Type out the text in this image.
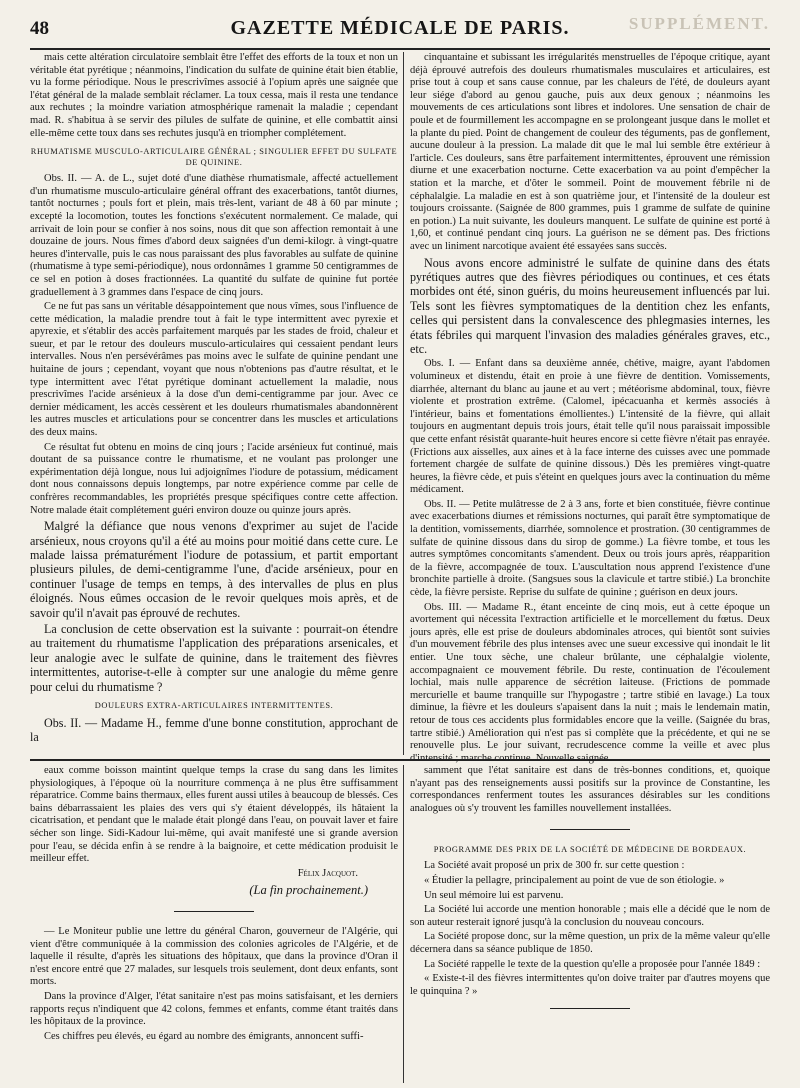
48	GAZETTE MÉDICALE DE PARIS.	SUPPLÉMENT.

mais cette altération circulatoire semblait être l'effet des efforts de la toux et non un véritable état pyrétique ; néanmoins, l'indication du sulfate de quinine était bien établie, vu la forme périodique. Nous le prescrivîmes associé à l'opium après une saignée que l'état général de la malade semblait réclamer. La toux cessa, mais il resta une tendance aux rechutes ; la moindre variation atmosphérique ramenait la maladie ; cependant mad. R. s'habitua à se servir des pilules de sulfate de quinine, et elle combattit ainsi elle-même cette toux dans ses rechutes jusqu'à en triompher complétement.

RHUMATISME MUSCULO-ARTICULAIRE GÉNÉRAL ; SINGULIER EFFET DU SULFATE DE QUININE.

Obs. II. — A. de L., sujet doté d'une diathèse rhumatismale, affecté actuellement d'un rhumatisme musculo-articulaire général offrant des exacerbations, tantôt diurnes, tantôt nocturnes ; pouls fort et plein, mais très-lent, variant de 48 à 60 par minute ; excepté la locomotion, toutes les fonctions s'exécutent normalement. Ce malade, qui arrivait de loin pour se confier à nos soins, nous dit que son affection remontait à une douzaine de jours. Nous fîmes d'abord deux saignées d'un demi-kilogr. à vingt-quatre heures d'intervalle, puis le cas nous paraissant des plus favorables au sulfate de quinine (rhumatisme à type semi-périodique), nous ordonnâmes 1 gramme 50 centigrammes de ce sel en potion à doses fractionnées. La quantité du sulfate de quinine fut portée graduellement à 3 grammes dans l'espace de cinq jours.

Ce ne fut pas sans un véritable désappointement que nous vîmes, sous l'influence de cette médication, la maladie prendre tout à fait le type intermittent avec pyrexie et apyrexie, et s'établir des accès parfaitement marqués par les stades de froid, chaleur et sueur, et par le retour des douleurs musculo-articulaires qui cessaient pendant leurs intervalles. Nous n'en persévérâmes pas moins avec le sulfate de quinine pendant une huitaine de jours ; cependant, voyant que nous n'obtenions pas d'autre résultat, et le type intermittent avec l'état pyrétique dominant actuellement la maladie, nous prescrivîmes l'acide arsénieux à la dose d'un demi-centigramme par jour. Avec ce dernier médicament, les accès cessèrent et les douleurs rhumatismales abandonnèrent les autres muscles et articulations pour se concentrer dans les muscles et articulations des deux mains.

Ce résultat fut obtenu en moins de cinq jours ; l'acide arsénieux fut continué, mais doutant de sa puissance contre le rhumatisme, et ne voulant pas prolonger une expérimentation déjà longue, nous lui adjoignîmes l'iodure de potassium, médicament dont nous connaissons depuis longtemps, par notre expérience comme par celle de confrères recommandables, les propriétés presque spécifiques contre cette affection. Notre malade était complétement guéri environ douze ou quinze jours après.

Malgré la défiance que nous venons d'exprimer au sujet de l'acide arsénieux, nous croyons qu'il a été au moins pour moitié dans cette cure. Le malade laissa prématurément l'iodure de potassium, et partit emportant plusieurs pilules, de demi-centigramme l'une, d'acide arsénieux, pour en continuer l'usage de temps en temps, à des intervalles de plus en plus éloignés. Nous eûmes occasion de le revoir quelques mois après, et de savoir qu'il n'avait pas éprouvé de rechutes.

La conclusion de cette observation est la suivante : pourrait-on étendre au traitement du rhumatisme l'application des préparations arsenicales, et leur analogie avec le sulfate de quinine, dans le traitement des fièvres intermittentes, autorise-t-elle à compter sur une analogie du même genre pour celui du rhumatisme ?

DOULEURS EXTRA-ARTICULAIRES INTERMITTENTES.

Obs. II. — Madame H., femme d'une bonne constitution, approchant de la

cinquantaine et subissant les irrégularités menstruelles de l'époque critique, ayant déjà éprouvé autrefois des douleurs rhumatismales musculaires et articulaires, est prise tout à coup et sans cause connue, par les chaleurs de l'été, de douleurs ayant leur siége d'abord au genou gauche, puis aux deux genoux ; néanmoins les mouvements de ces articulations sont libres et indolores. Une sensation de chair de poule et de fourmillement les accompagne en se prolongeant jusque dans le mollet et la plante du pied. Point de changement de couleur des téguments, pas de gonflement, aucune douleur à la pression. La malade dit que le mal lui semble être extérieur à l'article. Ces douleurs, sans être parfaitement intermittentes, éprouvent une rémission diurne et une exacerbation nocturne. Cette exacerbation va au point d'empêcher la station et la marche, et d'ôter le sommeil. Point de mouvement fébrile ni de céphalalgie. La maladie en est à son quatrième jour, et l'intensité de la douleur est toujours croissante. (Saignée de 800 grammes, puis 1 gramme de sulfate de quinine en potion.) La nuit suivante, les douleurs manquent. Le sulfate de quinine est porté à 1,60, et continué pendant cinq jours. La guérison ne se dément pas. Des frictions avec un liniment narcotique avaient été essayées sans succès.

Nous avons encore administré le sulfate de quinine dans des états pyrétiques autres que des fièvres périodiques ou continues, et ces états morbides ont été, sinon guéris, du moins heureusement influencés par lui. Tels sont les fièvres symptomatiques de la dentition chez les enfants, celles qui persistent dans la convalescence des phlegmasies internes, les états fébriles qui marquent l'invasion des maladies générales graves, etc., etc.

Obs. I. — Enfant dans sa deuxième année, chétive, maigre, ayant l'abdomen volumineux et distendu, était en proie à une fièvre de dentition. Vomissements, diarrhée, alternant du blanc au jaune et au vert ; météorisme abdominal, toux, fièvre violente et prostration extrême. (Calomel, ipécacuanha et kermès associés à l'intérieur, bains et fomentations émollientes.) L'intensité de la fièvre, qui allait toujours en augmentant depuis trois jours, était telle qu'il nous paraissait impossible que cette enfant résistât quarante-huit heures encore si cette fièvre n'était pas enrayée. (Frictions aux aisselles, aux aines et à la face interne des cuisses avec une pommade fortement chargée de sulfate de quinine dissous.) Dès les premières vingt-quatre heures, la fièvre cède, et puis s'éteint en quelques jours avec la continuation du même médicament.

Obs. II. — Petite mulâtresse de 2 à 3 ans, forte et bien constituée, fièvre continue avec exacerbations diurnes et rémissions nocturnes, qui paraît être symptomatique de la dentition, vomissements, diarrhée, somnolence et prostration. (30 centigrammes de sulfate de quinine dissous dans du sirop de gomme.) La fièvre tombe, et tous les autres symptômes concomitants s'amendent. Deux ou trois jours après, réapparition de la fièvre, accompagnée de toux. L'auscultation nous apprend l'existence d'une bronchite partielle à droite. (Sangsues sous la clavicule et tartre stibié.) La bronchite cède, la fièvre persiste. Reprise du sulfate de quinine ; guérison en deux jours.

Obs. III. — Madame R., étant enceinte de cinq mois, eut à cette époque un avortement qui nécessita l'extraction artificielle et le morcellement du fœtus. Deux jours après, elle est prise de douleurs abdominales atroces, qui bientôt sont suivies d'un mouvement fébrile des plus intenses avec une sueur excessive qui inondait le lit entier. Une toux sèche, une chaleur brûlante, une céphalalgie violente, accompagnaient ce mouvement fébrile. Du reste, continuation de l'écoulement lochial, mais nulle apparence de sécrétion laiteuse. (Frictions de pommade mercurielle et baume tranquille sur l'hypogastre ; tartre stibié en lavage.) La toux diminue, la fièvre et les douleurs s'apaisent dans la nuit ; mais le lendemain matin, retour de tous ces accidents plus formidables encore que la veille. (Saignée du bras, tartre stibié.) Amélioration qui n'est pas si complète que la précédente, et qui ne se renouvelle plus. Le jour suivant, recrudescence comme la veille et avec plus d'intensité ; marche continue. Nouvelle saignée.

eaux comme boisson maintint quelque temps la crase du sang dans les limites physiologiques, à l'époque où la nourriture commença à ne plus être suffisamment réparatrice. Comme bains thermaux, elles furent aussi utiles à beaucoup de blessés. Ces bains débarrassaient les plaies des vers qui s'y étaient développés, ils hâtaient la cicatrisation, et pendant que le malade était plongé dans l'eau, on pouvait laver et faire sécher son linge. Sidi-Kadour lui-même, qui avait manifesté une si grande aversion pour l'eau, se décida enfin à se rendre à la baignoire, et cette médication produisit le meilleur effet.

Félix Jacquot.

(La fin prochainement.)

— Le Moniteur publie une lettre du général Charon, gouverneur de l'Algérie, qui vient d'être communiquée à la commission des colonies agricoles de l'Algérie, et de laquelle il résulte, d'après les situations des hôpitaux, que dans la province d'Oran il n'est encore entré que 27 malades, sur lesquels trois seulement, dont deux enfants, sont morts.

Dans la province d'Alger, l'état sanitaire n'est pas moins satisfaisant, et les derniers rapports reçus n'indiquent que 42 colons, femmes et enfants, comme étant traités dans les hôpitaux de la province.

Ces chiffres peu élevés, eu égard au nombre des émigrants, annoncent suffi-

samment que l'état sanitaire est dans de très-bonnes conditions, et, quoique n'ayant pas des renseignements aussi positifs sur la province de Constantine, les correspondances renferment toutes les assurances désirables sur les conditions analogues où s'y trouvent les familles nouvellement installées.

PROGRAMME DES PRIX DE LA SOCIÉTÉ DE MÉDECINE DE BORDEAUX.

La Société avait proposé un prix de 300 fr. sur cette question :

« Étudier la pellagre, principalement au point de vue de son étiologie. »

Un seul mémoire lui est parvenu.

La Société lui accorde une mention honorable ; mais elle a décidé que le nom de son auteur resterait ignoré jusqu'à la conclusion du nouveau concours.

La Société propose donc, sur la même question, un prix de la même valeur qu'elle décernera dans sa séance publique de 1850.

La Société rappelle le texte de la question qu'elle a proposée pour l'année 1849 :

« Existe-t-il des fièvres intermittentes qu'on doive traiter par d'autres moyens que le quinquina ? »
